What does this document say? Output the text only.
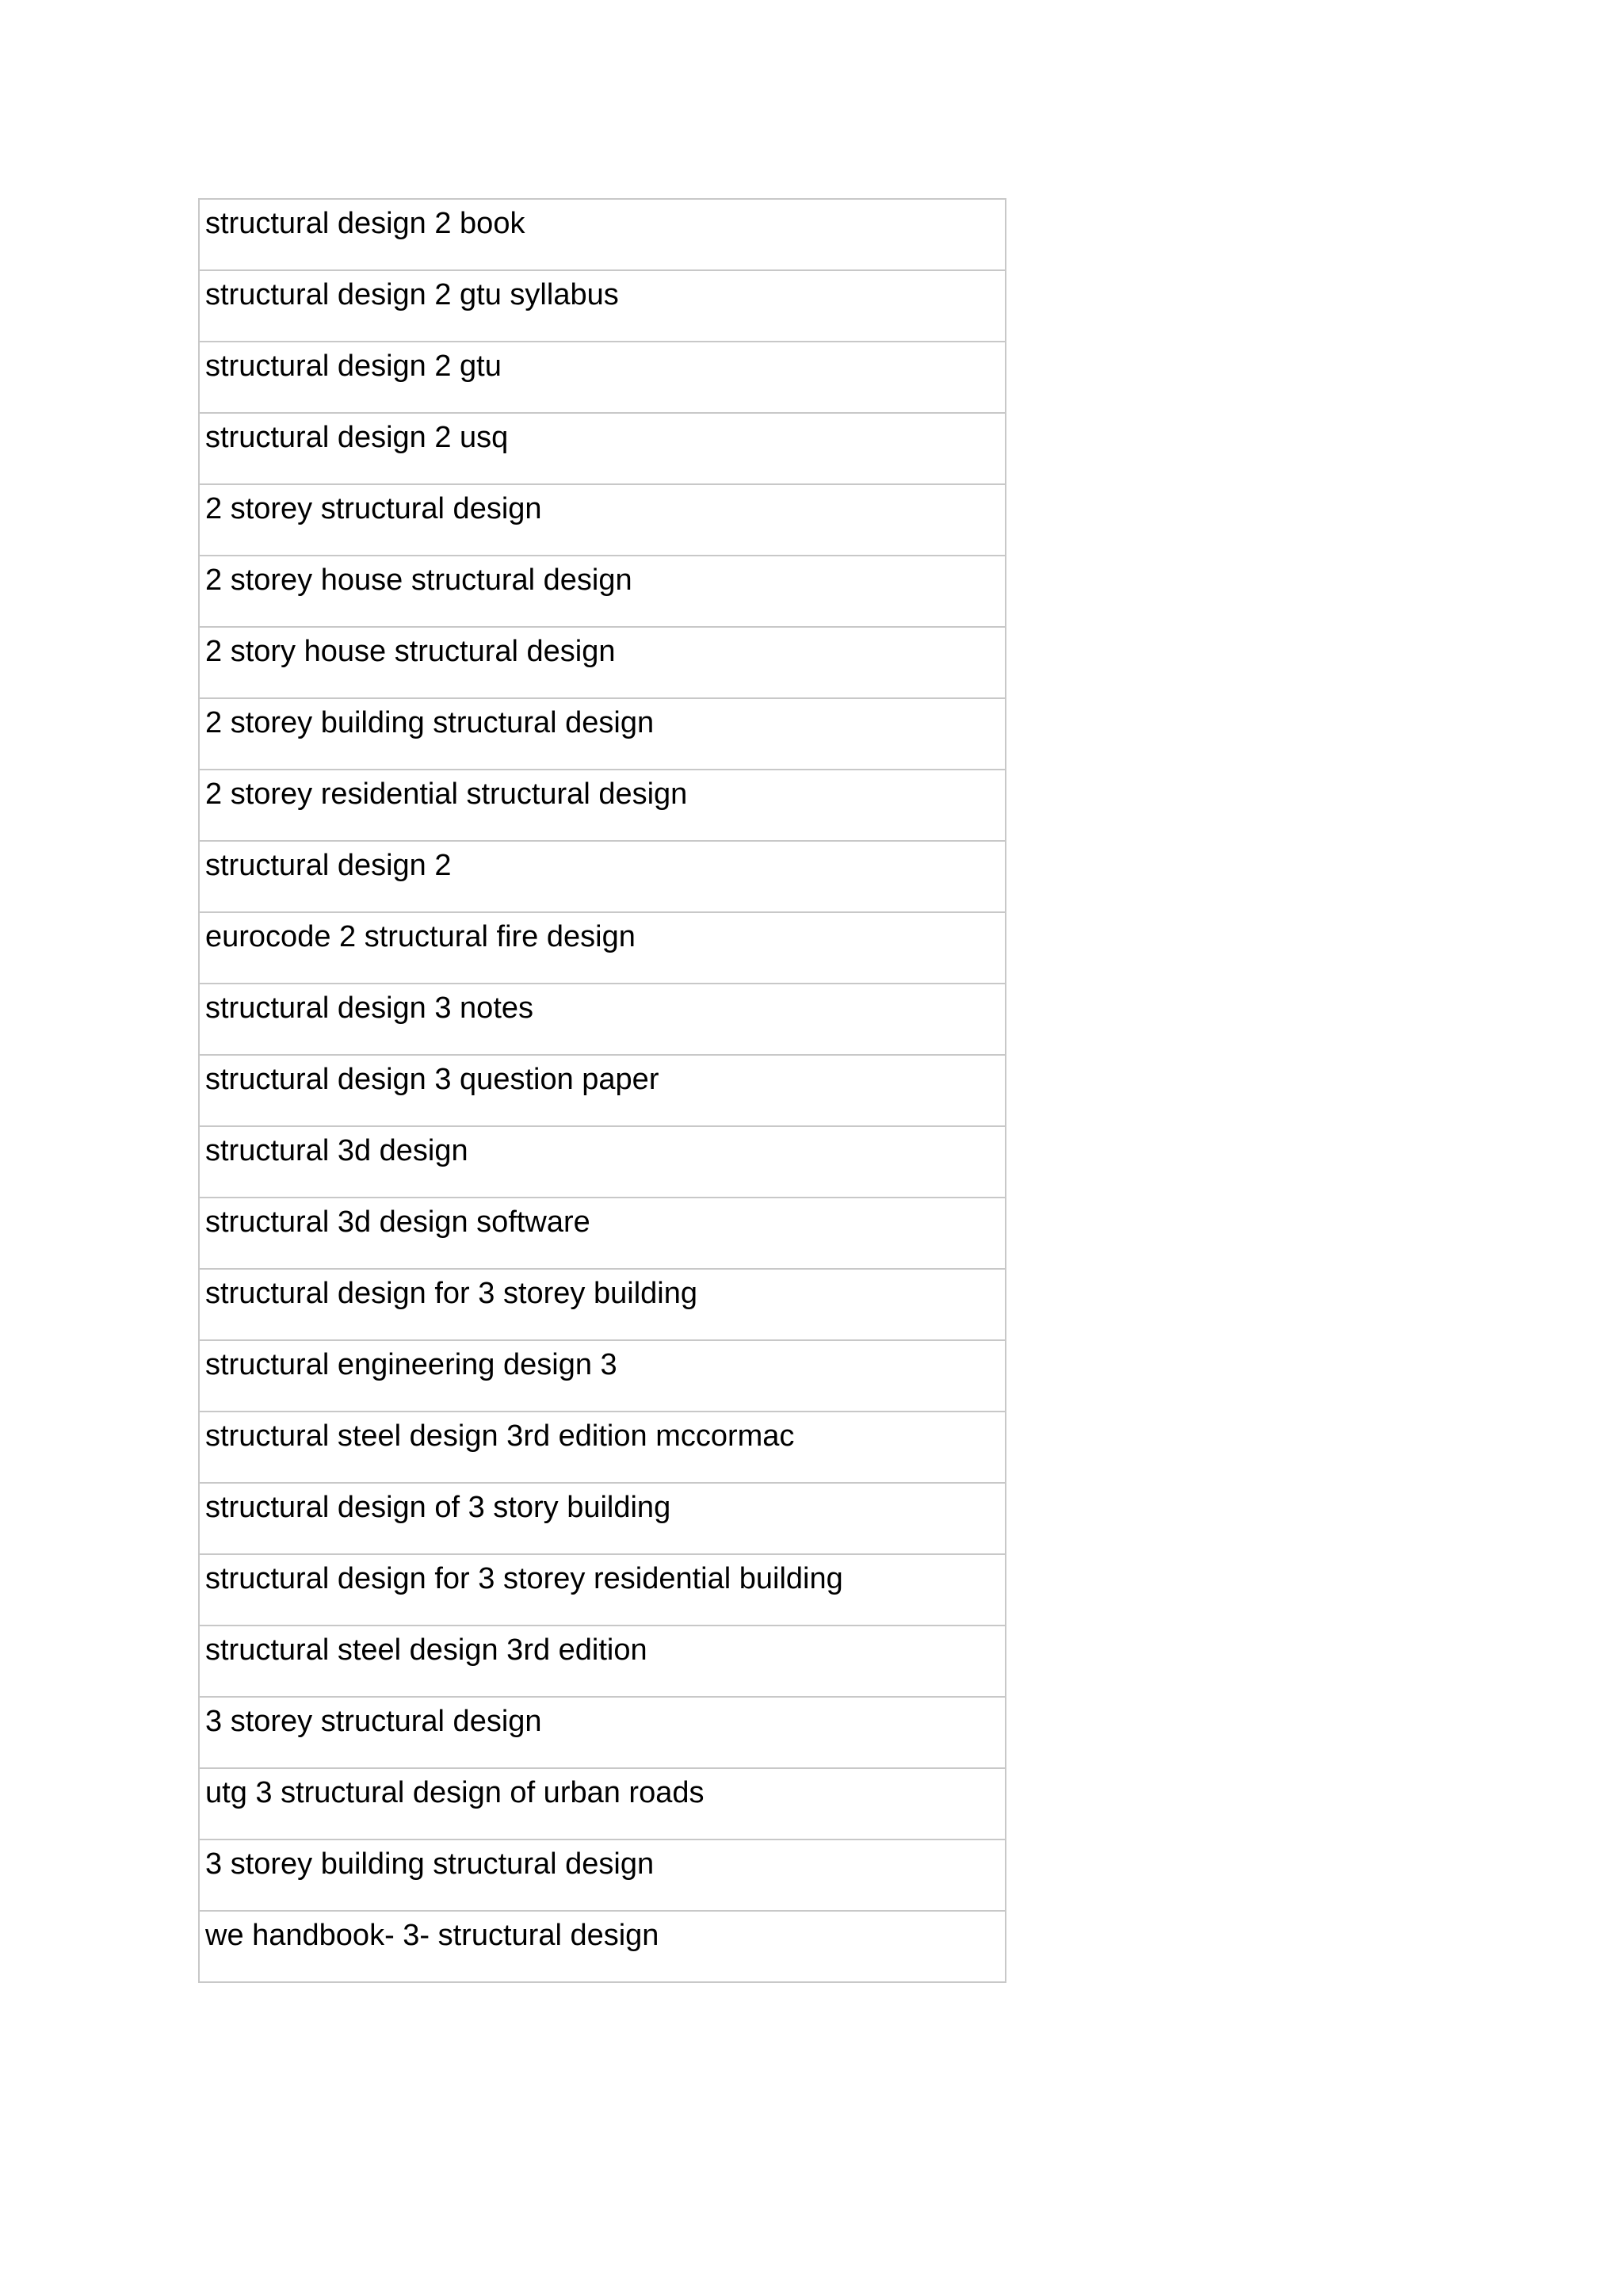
structural design 2 book
structural design 2 gtu syllabus
structural design 2 gtu
structural design 2 usq
2 storey structural design
2 storey house structural design
2 story house structural design
2 storey building structural design
2 storey residential structural design
structural design 2
eurocode 2 structural fire design
structural design 3 notes
structural design 3 question paper
structural 3d design
structural 3d design software
structural design for 3 storey building
structural engineering design 3
structural steel design 3rd edition mccormac
structural design of 3 story building
structural design for 3 storey residential building
structural steel design 3rd edition
3 storey structural design
utg 3 structural design of urban roads
3 storey building structural design
we handbook- 3- structural design
